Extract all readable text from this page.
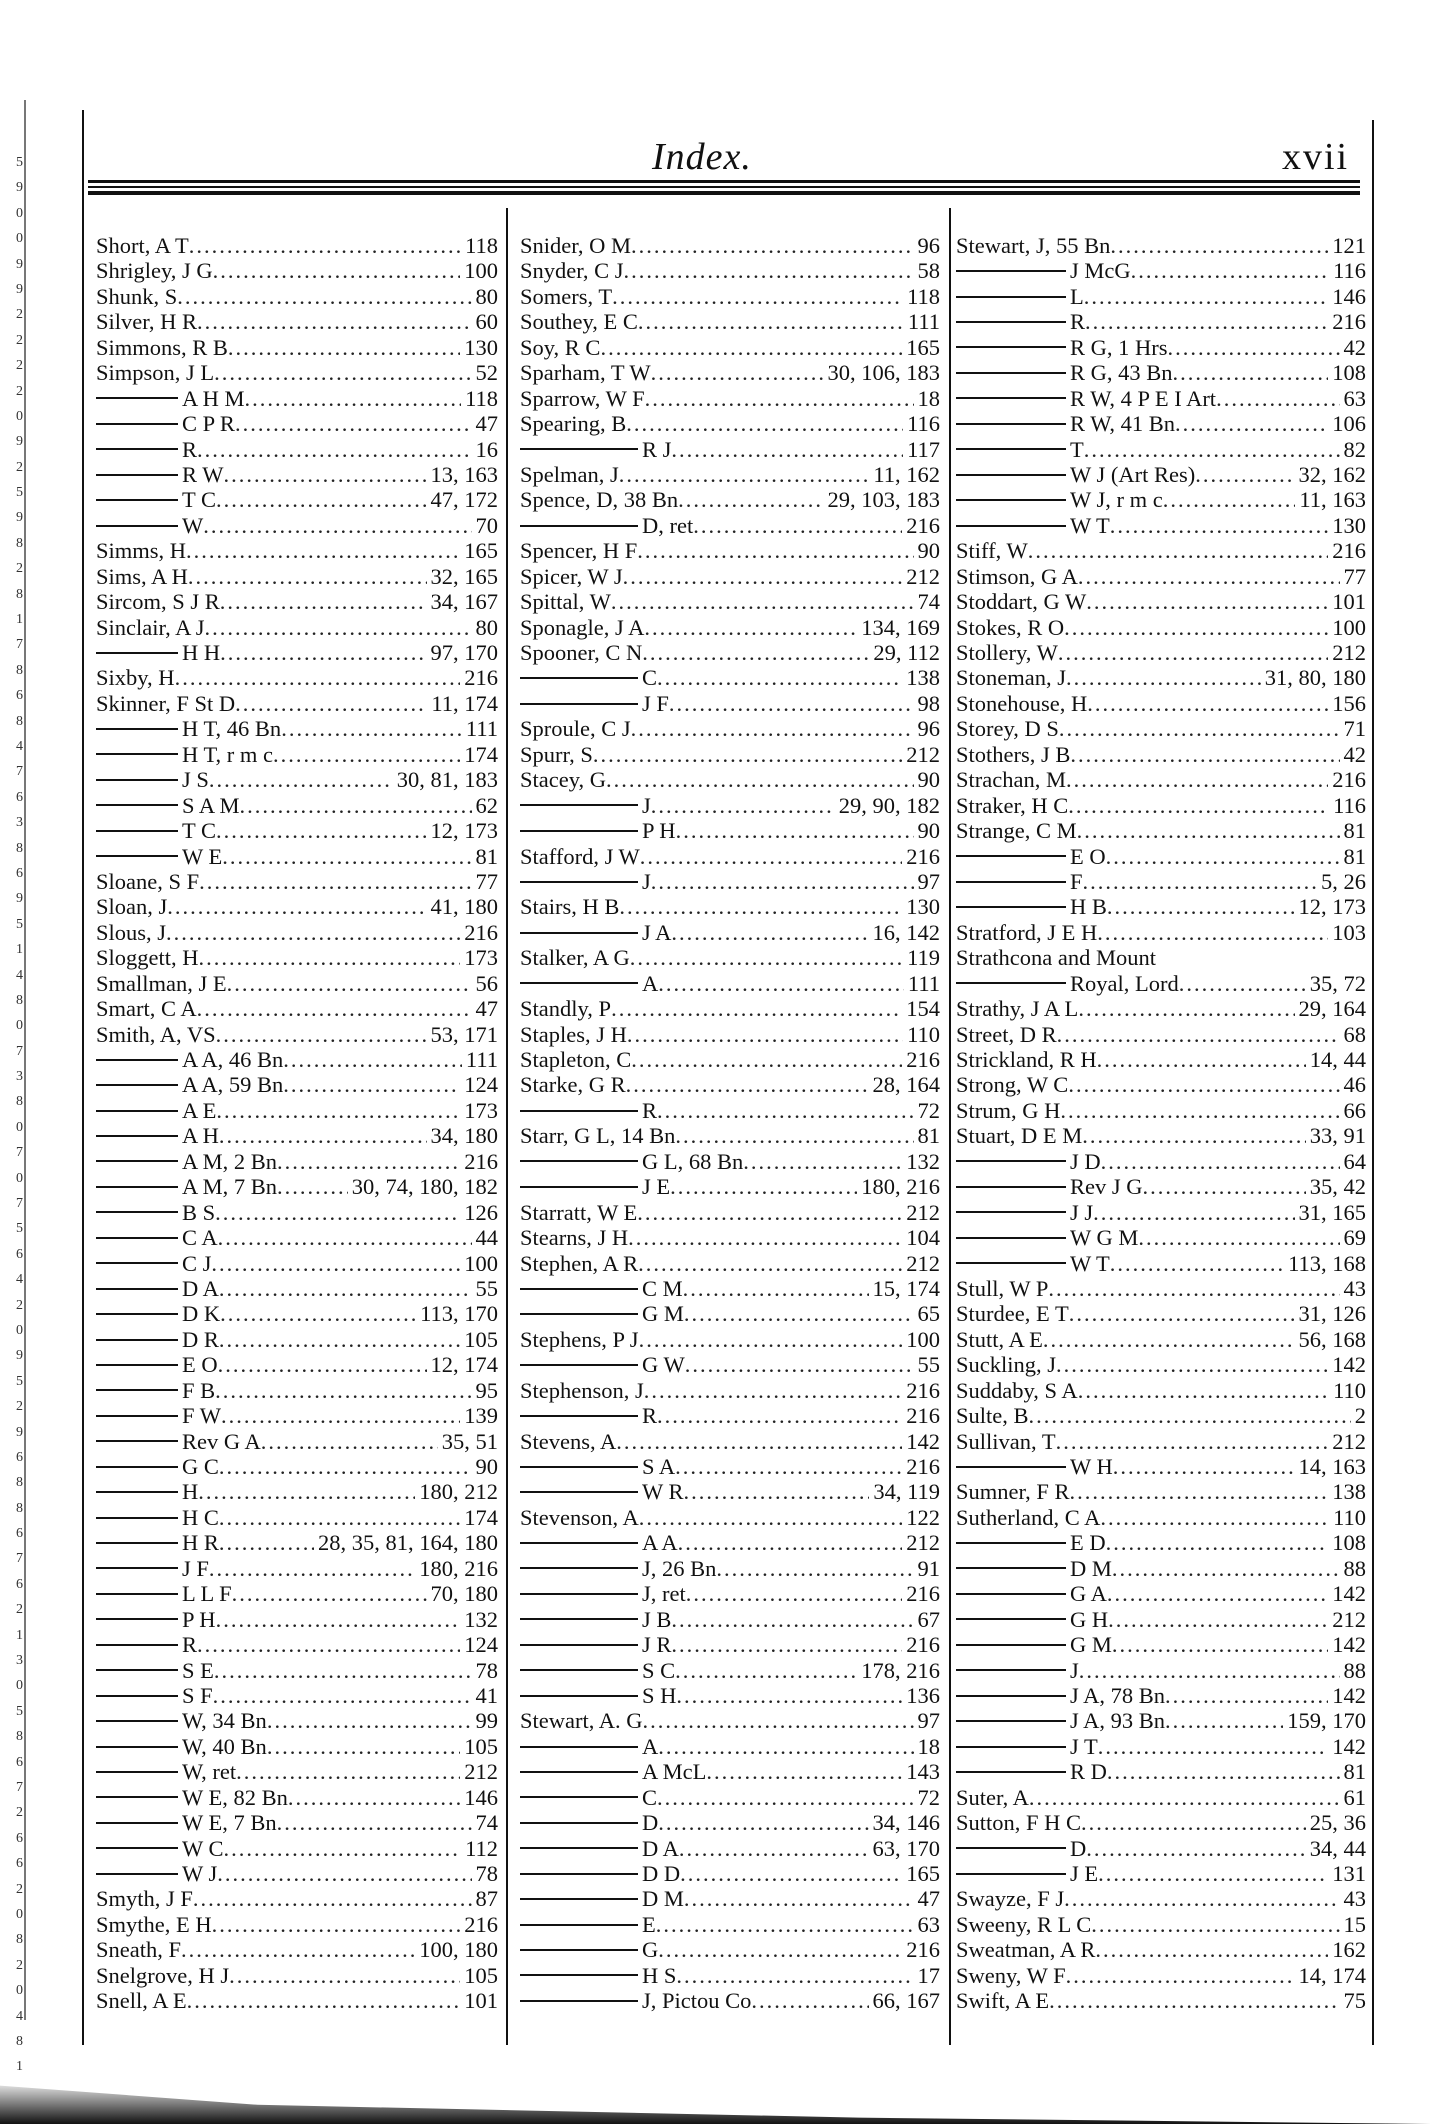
5
9
0
0
9
9
2
2
2
2
0
9
2
5
9
8
2
8
1
7
8
6
8
4
7
6
3
8
6
9
5
1
4
8
0
7
3
8
0
7
0
7
5
6
4
2
0
9
5
2
9
6
8
8
6
7
6
2
1
3
0
5
8
6
7
2
6
6
2
0
8
2
0
4
8
1
Index.	xvii
Short, A T .....	118
Shrigley, J G .....	100
Shunk, S .....	80
Silver, H R .....	60
Simmons, R B .....	130
Simpson, J L .....	52
A H M .....	118
C P R .....	47
R .....	16
R W .....	13, 163
T C .....	47, 172
W .....	70
Simms, H .....	165
Sims, A H .....	32, 165
Sircom, S J R .....	34, 167
Sinclair, A J .....	80
H H .....	97, 170
Sixby, H .....	216
Skinner, F St D .....	11, 174
H T, 46 Bn .....	111
H T, r m c .....	174
J S .....	30, 81, 183
S A M .....	62
T C .....	12, 173
W E .....	81
Sloane, S F .....	77
Sloan, J .....	41, 180
Slous, J .....	216
Sloggett, H .....	173
Smallman, J E .....	56
Smart, C A .....	47
Smith, A, VS .....	53, 171
A A, 46 Bn .....	111
A A, 59 Bn .....	124
A E .....	173
A H .....	34, 180
A M, 2 Bn .....	216
A M, 7 Bn .....	30, 74, 180, 182
B S .....	126
C A .....	44
C J .....	100
D A .....	55
D K .....	113, 170
D R .....	105
E O .....	12, 174
F B .....	95
F W .....	139
Rev G A .....	35, 51
G C .....	90
H .....	180, 212
H C .....	174
H R .....	28, 35, 81, 164, 180
J F .....	180, 216
L L F .....	70, 180
P H .....	132
R .....	124
S E .....	78
S F .....	41
W, 34 Bn .....	99
W, 40 Bn .....	105
W, ret .....	212
W E, 82 Bn .....	146
W E, 7 Bn .....	74
W C .....	112
W J .....	78
Smyth, J F .....	87
Smythe, E H .....	216
Sneath, F .....	100, 180
Snelgrove, H J .....	105
Snell, A E .....	101
Snider, O M .....	96
Snyder, C J .....	58
Somers, T .....	118
Southey, E C .....	111
Soy, R C .....	165
Sparham, T W .....	30, 106, 183
Sparrow, W F .....	18
Spearing, B .....	116
R J .....	117
Spelman, J .....	11, 162
Spence, D, 38 Bn .....	29, 103, 183
D, ret .....	216
Spencer, H F .....	90
Spicer, W J .....	212
Spittal, W .....	74
Sponagle, J A .....	134, 169
Spooner, C N .....	29, 112
C .....	138
J F .....	98
Sproule, C J .....	96
Spurr, S .....	212
Stacey, G .....	90
J .....	29, 90, 182
P H .....	90
Stafford, J W .....	216
J .....	97
Stairs, H B .....	130
J A .....	16, 142
Stalker, A G .....	119
A .....	111
Standly, P .....	154
Staples, J H .....	110
Stapleton, C .....	216
Starke, G R .....	28, 164
R .....	72
Starr, G L, 14 Bn .....	81
G L, 68 Bn .....	132
J E .....	180, 216
Starratt, W E .....	212
Stearns, J H .....	104
Stephen, A R .....	212
C M .....	15, 174
G M .....	65
Stephens, P J .....	100
G W .....	55
Stephenson, J .....	216
R .....	216
Stevens, A .....	142
S A .....	216
W R .....	34, 119
Stevenson, A .....	122
A A .....	212
J, 26 Bn .....	91
J, ret .....	216
J B .....	67
J R .....	216
S C .....	178, 216
S H .....	136
Stewart, A. G .....	97
A .....	18
A McL .....	143
C .....	72
D .....	34, 146
D A .....	63, 170
D D .....	165
D M .....	47
E .....	63
G .....	216
H S .....	17
J, Pictou Co .....	66, 167
Stewart, J, 55 Bn .....	121
J McG .....	116
L .....	146
R .....	216
R G, 1 Hrs .....	42
R G, 43 Bn .....	108
R W, 4 P E I Art .....	63
R W, 41 Bn .....	106
T .....	82
W J (Art Res) .....	32, 162
W J, r m c .....	11, 163
W T .....	130
Stiff, W .....	216
Stimson, G A .....	77
Stoddart, G W .....	101
Stokes, R O .....	100
Stollery, W .....	212
Stoneman, J .....	31, 80, 180
Stonehouse, H .....	156
Storey, D S .....	71
Stothers, J B .....	42
Strachan, M .....	216
Straker, H C .....	116
Strange, C M .....	81
E O .....	81
F .....	5, 26
H B .....	12, 173
Stratford, J E H .....	103
Strathcona and Mount
Royal, Lord .....	35, 72
Strathy, J A L .....	29, 164
Street, D R .....	68
Strickland, R H .....	14, 44
Strong, W C .....	46
Strum, G H .....	66
Stuart, D E M .....	33, 91
J D .....	64
Rev J G .....	35, 42
J J .....	31, 165
W G M .....	69
W T .....	113, 168
Stull, W P .....	43
Sturdee, E T .....	31, 126
Stutt, A E .....	56, 168
Suckling, J .....	142
Suddaby, S A .....	110
Sulte, B .....	2
Sullivan, T .....	212
W H .....	14, 163
Sumner, F R .....	138
Sutherland, C A .....	110
E D .....	108
D M .....	88
G A .....	142
G H .....	212
G M .....	142
J .....	88
J A, 78 Bn .....	142
J A, 93 Bn .....	159, 170
J T .....	142
R D .....	81
Suter, A .....	61
Sutton, F H C .....	25, 36
D .....	34, 44
J E .....	131
Swayze, F J .....	43
Sweeny, R L C .....	15
Sweatman, A R .....	162
Sweny, W F .....	14, 174
Swift, A E .....	75
